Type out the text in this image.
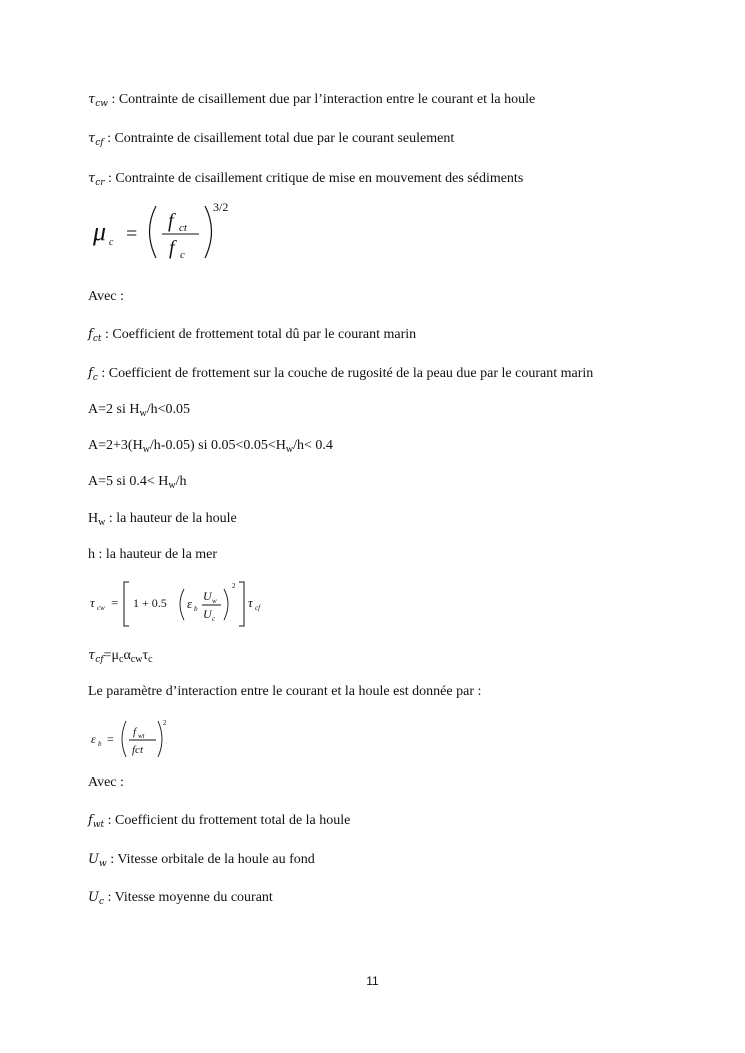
$\tau_{cw}$ : Contrainte de cisaillement due par l’interaction entre le courant et la houle
$\tau_{cf}$ : Contrainte de cisaillement total due par le courant seulement
$\tau_{cr}$ : Contrainte de cisaillement critique de mise en mouvement des sédiments
μ c =
f ct
f c
3/2
Avec :
$f_{ct}$ : Coefficient de frottement total dû par le courant marin
$f_c$ : Coefficient de frottement sur la couche de rugosité de la peau due par le courant marin
A=2 si $H_w/h<0.05$
$A=2+3(H_w/h-0.05)$ si $0.05<0.05<H_w/h< 0.4$
A=5 si $0.4< H_w/h$
$H_w$ : la hauteur de la houle
h : la hauteur de la mer
τ cw = 1 + 0.5 ε b
U w
U c
2
τ cf
$\tau_{cf}=\mu_c\alpha_{cw}\tau_c$
Le paramètre d’interaction entre le courant et la houle est donnée par :
ε b = f wt
fct
2
Avec :
$f_{wt}$ : Coefficient du frottement total de la houle
$U_w$ : Vitesse orbitale de la houle au fond
$U_c$ : Vitesse moyenne du courant
11
